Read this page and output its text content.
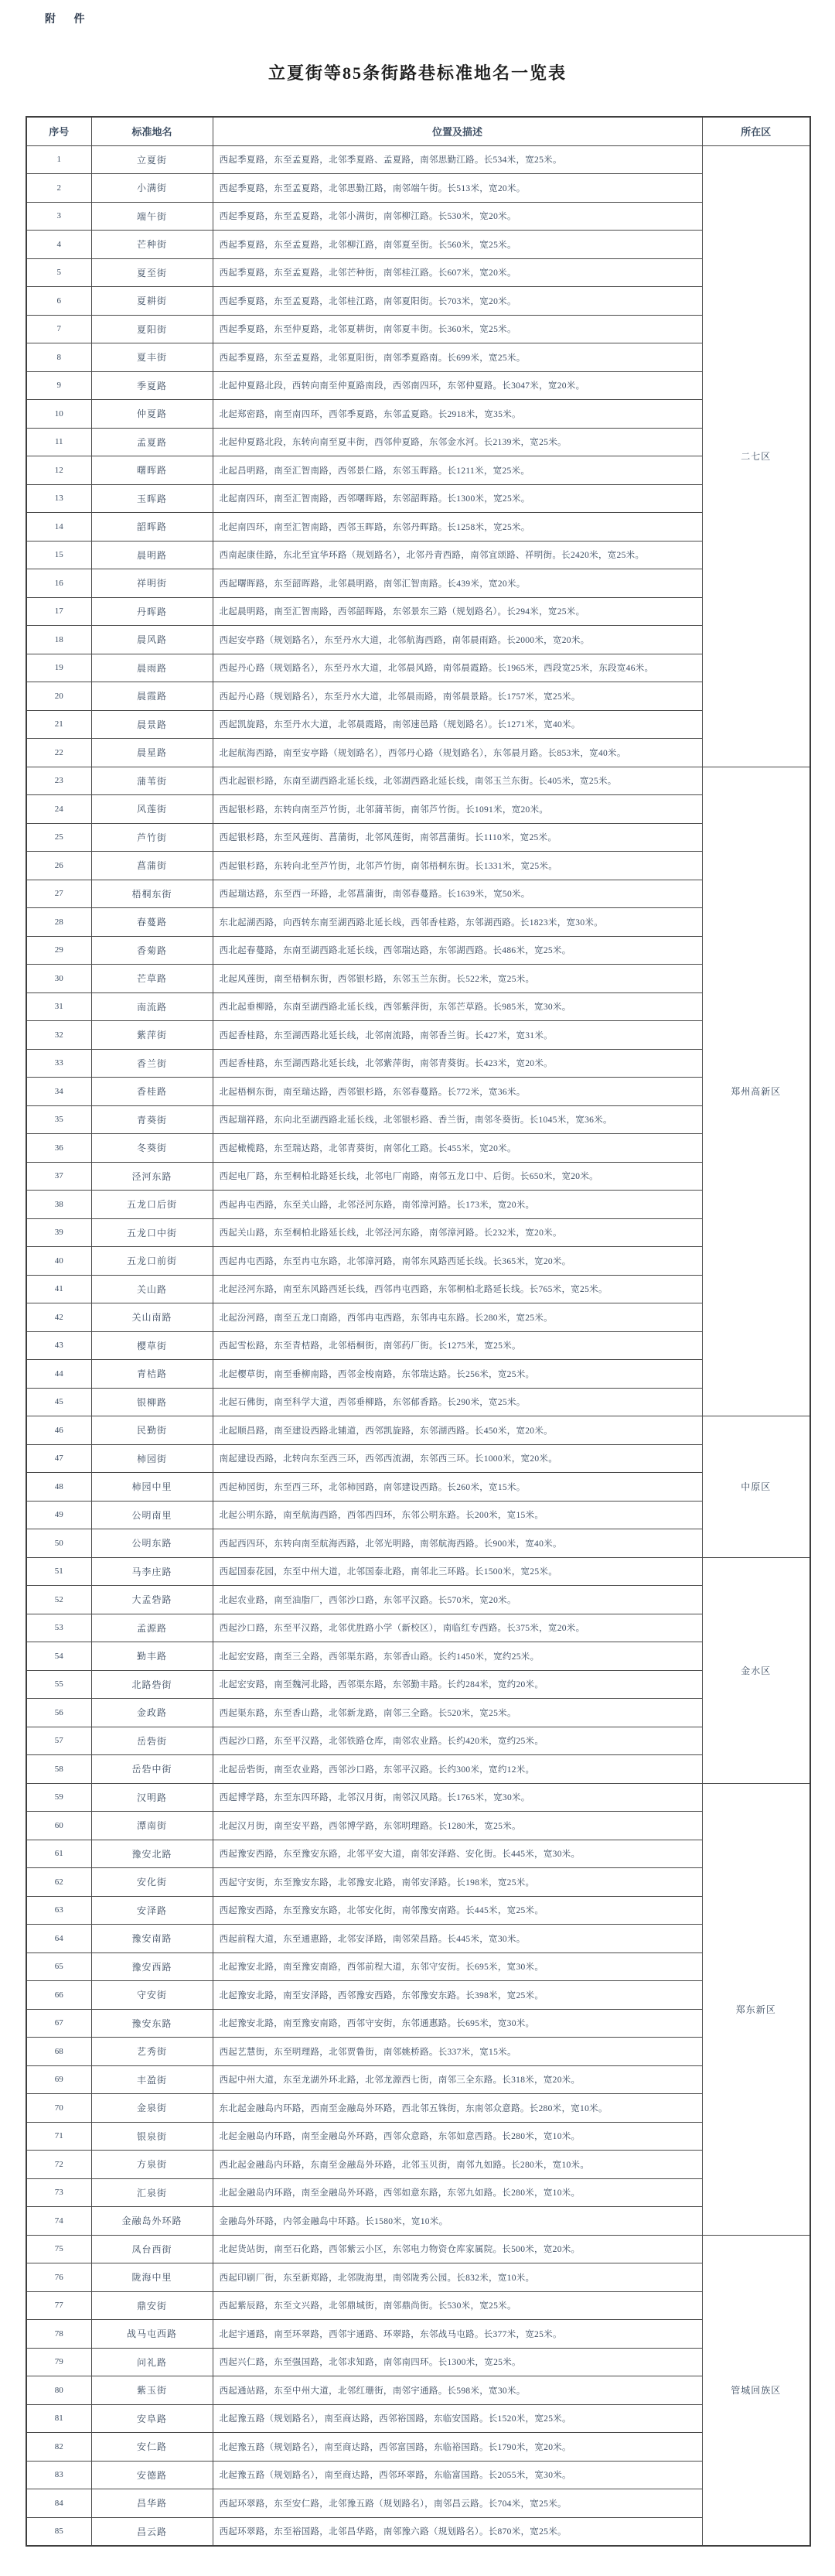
附 件
立夏街等85条街路巷标准地名一览表
序号	标准地名	位置及描述	所在区
1	立夏街	西起季夏路，东至孟夏路，北邻季夏路、孟夏路，南邻思勤江路。长534米，宽25米。	二七区
2	小满街	西起季夏路，东至孟夏路，北邻思勤江路，南邻端午街。长513米，宽20米。	
3	端午街	西起季夏路，东至孟夏路，北邻小满街，南邻柳江路。长530米，宽20米。	
4	芒种街	西起季夏路，东至孟夏路，北邻柳江路，南邻夏至街。长560米，宽25米。	
5	夏至街	西起季夏路，东至孟夏路，北邻芒种街，南邻桂江路。长607米，宽20米。	
6	夏耕街	西起季夏路，东至孟夏路，北邻桂江路，南邻夏阳街。长703米，宽20米。	
7	夏阳街	西起季夏路，东至仲夏路，北邻夏耕街，南邻夏丰街。长360米，宽25米。	
8	夏丰街	西起季夏路，东至孟夏路，北邻夏阳街，南邻季夏路南。长699米，宽25米。	
9	季夏路	北起仲夏路北段，西转向南至仲夏路南段，西邻南四环，东邻仲夏路。长3047米，宽20米。	
10	仲夏路	北起郑密路，南至南四环，西邻季夏路，东邻孟夏路。长2918米，宽35米。	
11	孟夏路	北起仲夏路北段，东转向南至夏丰街，西邻仲夏路，东邻金水河。长2139米，宽25米。	
12	曙晖路	北起昌明路，南至汇智南路，西邻景仁路，东邻玉晖路。长1211米，宽25米。	
13	玉晖路	北起南四环，南至汇智南路，西邻曙晖路，东邻韶晖路。长1300米，宽25米。	
14	韶晖路	北起南四环，南至汇智南路，西邻玉晖路，东邻丹晖路。长1258米，宽25米。	
15	晨明路	西南起康佳路，东北至宜华环路（规划路名），北邻丹青西路，南邻宜颂路、祥明街。长2420米，宽25米。	
16	祥明街	西起曙晖路，东至韶晖路，北邻晨明路，南邻汇智南路。长439米，宽20米。	
17	丹晖路	北起晨明路，南至汇智南路，西邻韶晖路，东邻景东三路（规划路名）。长294米，宽25米。	
18	晨风路	西起安亭路（规划路名），东至丹水大道，北邻航海西路，南邻晨雨路。长2000米，宽20米。	
19	晨雨路	西起丹心路（规划路名），东至丹水大道，北邻晨风路，南邻晨霞路。长1965米，西段宽25米，东段宽46米。	
20	晨霞路	西起丹心路（规划路名），东至丹水大道，北邻晨雨路，南邻晨景路。长1757米，宽25米。	
21	晨景路	西起凯旋路，东至丹水大道，北邻晨霞路，南邻速邑路（规划路名）。长1271米，宽40米。	
22	晨星路	北起航海西路，南至安亭路（规划路名），西邻丹心路（规划路名），东邻晨月路。长853米，宽40米。	
23	蒲苇街	西北起银杉路，东南至湖西路北延长线，北邻湖西路北延长线，南邻玉兰东街。长405米，宽25米。	郑州高新区
24	风莲街	西起银杉路，东转向南至芦竹街，北邻蒲苇街，南邻芦竹街。长1091米，宽20米。	
25	芦竹街	西起银杉路，东至风莲街、菖蒲街，北邻风莲街，南邻菖蒲街。长1110米，宽25米。	
26	菖蒲街	西起银杉路，东转向北至芦竹街，北邻芦竹街，南邻梧桐东街。长1331米，宽25米。	
27	梧桐东街	西起瑞达路，东至西一环路，北邻菖蒲街，南邻春蔓路。长1639米，宽50米。	
28	春蔓路	东北起湖西路，向西转东南至湖西路北延长线，西邻香桂路，东邻湖西路。长1823米，宽30米。	
29	香菊路	西北起春蔓路，东南至湖西路北延长线，西邻瑞达路，东邻湖西路。长486米，宽25米。	
30	芒草路	北起风莲街，南至梧桐东街，西邻银杉路，东邻玉兰东街。长522米，宽25米。	
31	南流路	西北起垂柳路，东南至湖西路北延长线，西邻紫萍街，东邻芒草路。长985米，宽30米。	
32	紫萍街	西起香桂路，东至湖西路北延长线，北邻南流路，南邻香兰街。长427米，宽31米。	
33	香兰街	西起香桂路，东至湖西路北延长线，北邻紫萍街，南邻青葵街。长423米，宽20米。	
34	香桂路	北起梧桐东街，南至瑞达路，西邻银杉路，东邻春蔓路。长772米，宽36米。	
35	青葵街	西起瑞祥路，东向北至湖西路北延长线，北邻银杉路、香兰街，南邻冬葵街。长1045米，宽36米。	
36	冬葵街	西起橄榄路，东至瑞达路，北邻青葵街，南邻化工路。长455米，宽20米。	
37	泾河东路	西起电厂路，东至桐柏北路延长线，北邻电厂南路，南邻五龙口中、后街。长650米，宽20米。	
38	五龙口后街	西起冉屯西路，东至关山路，北邻泾河东路，南邻漳河路。长173米，宽20米。	
39	五龙口中街	西起关山路，东至桐柏北路延长线，北邻泾河东路，南邻漳河路。长232米，宽20米。	
40	五龙口前街	西起冉屯西路，东至冉屯东路，北邻漳河路，南邻东风路西延长线。长365米，宽20米。	
41	关山路	北起泾河东路，南至东风路西延长线，西邻冉屯西路，东邻桐柏北路延长线。长765米，宽25米。	
42	关山南路	北起汾河路，南至五龙口南路，西邻冉屯西路，东邻冉屯东路。长280米，宽25米。	
43	樱草街	西起雪松路，东至青桔路，北邻梧桐街，南邻药厂街。长1275米，宽25米。	
44	青桔路	北起樱草街，南至垂柳南路，西邻金梭南路，东邻瑞达路。长256米，宽25米。	
45	银柳路	北起石佛街，南至科学大道，西邻垂柳路，东邻郁香路。长290米，宽25米。	
46	民勤街	北起顺昌路，南至建设西路北辅道，西邻凯旋路，东邻湖西路。长450米，宽20米。	中原区
47	柿园街	南起建设西路，北转向东至西三环，西邻西流湖，东邻西三环。长1000米，宽20米。	
48	柿园中里	西起柿园街，东至西三环，北邻柿园路，南邻建设西路。长260米，宽15米。	
49	公明南里	北起公明东路，南至航海西路，西邻西四环，东邻公明东路。长200米，宽15米。	
50	公明东路	西起西四环，东转向南至航海西路，北邻光明路，南邻航海西路。长900米，宽40米。	
51	马李庄路	西起国泰花园，东至中州大道，北邻国泰北路，南邻北三环路。长1500米，宽25米。	金水区
52	大孟砦路	北起农业路，南至油脂厂，西邻沙口路，东邻平汉路。长570米，宽20米。	
53	孟源路	西起沙口路，东至平汉路，北邻优胜路小学（新校区），南临红专西路。长375米，宽20米。	
54	勤丰路	北起宏安路，南至三全路，西邻渠东路，东邻香山路。长约1450米，宽约25米。	
55	北路砦街	北起宏安路，南至魏河北路，西邻渠东路，东邻勤丰路。长约284米，宽约20米。	
56	金政路	西起渠东路，东至香山路，北邻新龙路，南邻三全路。长520米，宽25米。	
57	岳砦街	西起沙口路，东至平汉路，北邻铁路仓库，南邻农业路。长约420米，宽约25米。	
58	岳砦中街	北起岳砦街，南至农业路，西邻沙口路，东邻平汉路。长约300米，宽约12米。	
59	汉明路	西起博学路，东至东四环路，北邻汉月街，南邻汉风路。长1765米，宽30米。	郑东新区
60	潭南街	北起汉月街，南至安平路，西邻博学路，东邻明理路。长1280米，宽25米。	
61	豫安北路	西起豫安西路，东至豫安东路，北邻平安大道，南邻安泽路、安化街。长445米，宽30米。	
62	安化街	西起守安街，东至豫安东路，北邻豫安北路，南邻安泽路。长198米，宽25米。	
63	安泽路	西起豫安西路，东至豫安东路，北邻安化街，南邻豫安南路。长445米，宽25米。	
64	豫安南路	西起前程大道，东至通惠路，北邻安泽路，南邻荣昌路。长445米，宽30米。	
65	豫安西路	北起豫安北路，南至豫安南路，西邻前程大道，东邻守安街。长695米，宽30米。	
66	守安街	北起豫安北路，南至安泽路，西邻豫安西路，东邻豫安东路。长398米，宽25米。	
67	豫安东路	北起豫安北路，南至豫安南路，西邻守安街，东邻通惠路。长695米，宽30米。	
68	艺秀街	西起艺慧街，东至明理路，北邻贾鲁街，南邻姚桥路。长337米，宽15米。	
69	丰盈街	西起中州大道，东至龙湖外环北路，北邻龙源西七街，南邻三全东路。长318米，宽20米。	
70	金泉街	东北起金融岛内环路，西南至金融岛外环路，西北邻五铢街，东南邻众意路。长280米，宽10米。	
71	银泉街	北起金融岛内环路，南至金融岛外环路，西邻众意路，东邻如意西路。长280米，宽10米。	
72	方泉街	西北起金融岛内环路，东南至金融岛外环路，北邻玉贝街，南邻九如路。长280米，宽10米。	
73	汇泉街	北起金融岛内环路，南至金融岛外环路，西邻如意东路，东邻九如路。长280米，宽10米。	
74	金融岛外环路	金融岛外环路，内邻金融岛中环路。长1580米，宽10米。	
75	凤台西街	北起货站街，南至石化路，西邻紫云小区，东邻电力物资仓库家属院。长500米，宽20米。	管城回族区
76	陇海中里	西起印刷厂街，东至新郑路，北邻陇海里，南邻陇秀公园。长832米，宽10米。	
77	鼎安街	西起紫辰路，东至文兴路，北邻鼎城街，南邻鼎尚街。长530米，宽25米。	
78	战马屯西路	北起宇通路，南至环翠路，西邻宇通路、环翠路，东邻战马屯路。长377米，宽25米。	
79	问礼路	西起兴仁路，东至强国路，北邻求知路，南邻南四环。长1300米，宽25米。	
80	紫玉街	西起通站路，东至中州大道，北邻红珊街，南邻宇通路。长598米，宽30米。	
81	安阜路	北起豫五路（规划路名），南至商达路，西邻裕国路，东临安国路。长1520米，宽25米。	
82	安仁路	北起豫五路（规划路名），南至商达路，西邻富国路，东临裕国路。长1790米，宽20米。	
83	安德路	北起豫五路（规划路名），南至商达路，西邻环翠路，东临富国路。长2055米，宽30米。	
84	昌华路	西起环翠路，东至安仁路，北邻豫五路（规划路名），南邻昌云路。长704米，宽25米。	
85	昌云路	西起环翠路，东至裕国路，北邻昌华路，南邻豫六路（规划路名）。长870米，宽25米。	
